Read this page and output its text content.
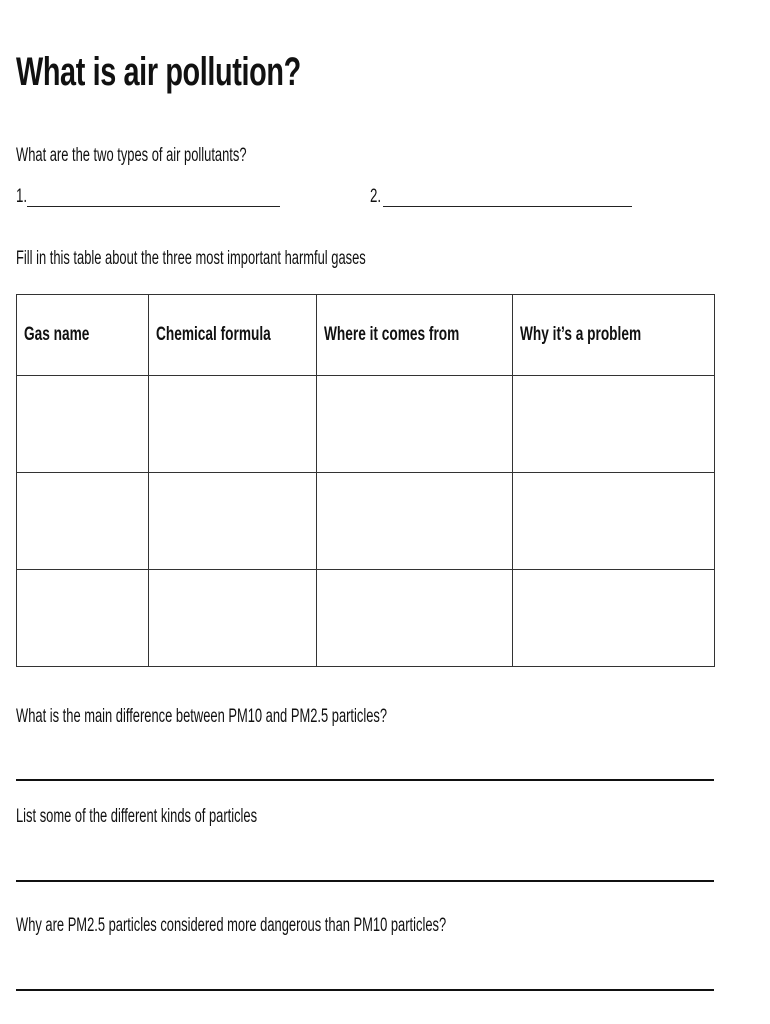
What is air pollution?
What are the two types of air pollutants?
1.	2.
Fill in this table about the three most important harmful gases
Gas name	Chemical formula	Where it comes from	Why it’s a problem

What is the main difference between PM10 and PM2.5 particles?
List some of the different kinds of particles
Why are PM2.5 particles considered more dangerous than PM10 particles?
